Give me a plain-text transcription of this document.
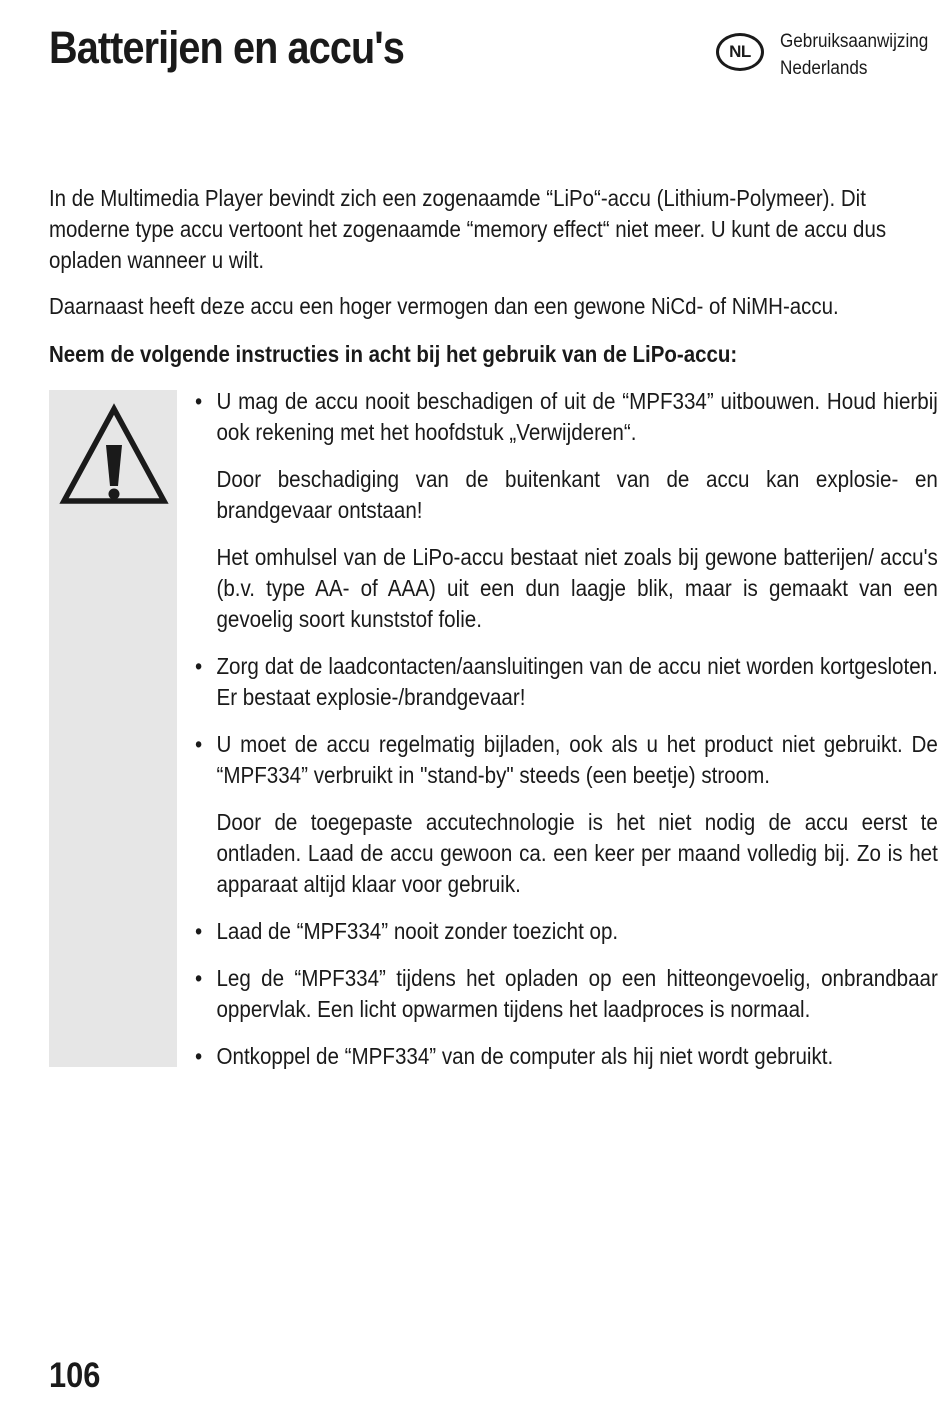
Batterijen en accu's	NL	Gebruiksaanwijzing
Nederlands

In de Multimedia Player bevindt zich een zogenaamde “LiPo“-accu (Lithium-Polymeer). Dit moderne type accu vertoont het zogenaamde “memory effect“ niet meer. U kunt de accu dus opladen wanneer u wilt.

Daarnaast heeft deze accu een hoger vermogen dan een gewone NiCd- of NiMH-accu.

Neem de volgende instructies in acht bij het gebruik van de LiPo-accu:

• U mag de accu nooit beschadigen of uit de “MPF334” uitbouwen. Houd hierbij ook rekening met het hoofdstuk „Verwijderen“.

Door beschadiging van de buitenkant van de accu kan explosie- en brandgevaar ontstaan!

Het omhulsel van de LiPo-accu bestaat niet zoals bij gewone batterijen/ accu's (b.v. type AA- of AAA) uit een dun laagje blik, maar is gemaakt van een gevoelig soort kunststof folie.

• Zorg dat de laadcontacten/aansluitingen van de accu niet worden kortgesloten. Er bestaat explosie-/brandgevaar!

• U moet de accu regelmatig bijladen, ook als u het product niet gebruikt. De “MPF334” verbruikt in "stand-by" steeds (een beetje) stroom.

Door de toegepaste accutechnologie is het niet nodig de accu eerst te ontladen. Laad de accu gewoon ca. een keer per maand volledig bij. Zo is het apparaat altijd klaar voor gebruik.

• Laad de “MPF334” nooit zonder toezicht op.

• Leg de “MPF334” tijdens het opladen op een hitteongevoelig, onbrandbaar oppervlak. Een licht opwarmen tijdens het laadproces is normaal.

• Ontkoppel de “MPF334” van de computer als hij niet wordt gebruikt.

106
